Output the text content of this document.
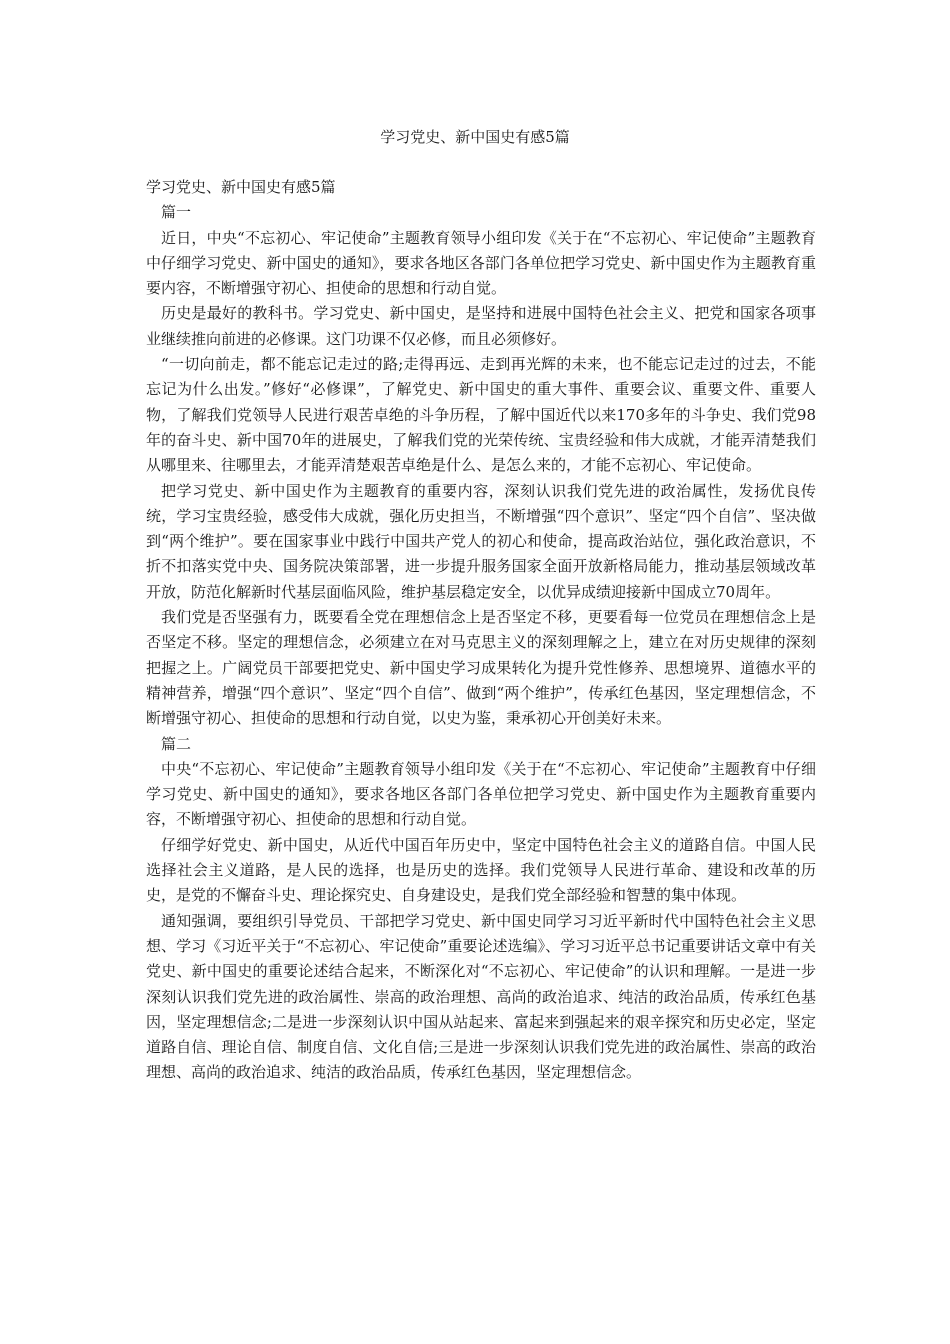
学习党史、新中国史有感5篇

学习党史、新中国史有感5篇

篇一

近日，中央“不忘初心、牢记使命”主题教育领导小组印发《关于在“不忘初心、牢记使命”主题教育中仔细学习党史、新中国史的通知》，要求各地区各部门各单位把学习党史、新中国史作为主题教育重要内容，不断增强守初心、担使命的思想和行动自觉。

历史是最好的教科书。学习党史、新中国史，是坚持和进展中国特色社会主义、把党和国家各项事业继续推向前进的必修课。这门功课不仅必修，而且必须修好。

“一切向前走，都不能忘记走过的路;走得再远、走到再光辉的未来，也不能忘记走过的过去，不能忘记为什么出发。”修好“必修课”，了解党史、新中国史的重大事件、重要会议、重要文件、重要人物，了解我们党领导人民进行艰苦卓绝的斗争历程，了解中国近代以来170多年的斗争史、我们党98年的奋斗史、新中国70年的进展史，了解我们党的光荣传统、宝贵经验和伟大成就，才能弄清楚我们从哪里来、往哪里去，才能弄清楚艰苦卓绝是什么、是怎么来的，才能不忘初心、牢记使命。

把学习党史、新中国史作为主题教育的重要内容，深刻认识我们党先进的政治属性，发扬优良传统，学习宝贵经验，感受伟大成就，强化历史担当，不断增强“四个意识”、坚定“四个自信”、坚决做到“两个维护”。要在国家事业中践行中国共产党人的初心和使命，提高政治站位，强化政治意识，不折不扣落实党中央、国务院决策部署，进一步提升服务国家全面开放新格局能力，推动基层领域改革开放，防范化解新时代基层面临风险，维护基层稳定安全，以优异成绩迎接新中国成立70周年。

我们党是否坚强有力，既要看全党在理想信念上是否坚定不移，更要看每一位党员在理想信念上是否坚定不移。坚定的理想信念，必须建立在对马克思主义的深刻理解之上，建立在对历史规律的深刻把握之上。广阔党员干部要把党史、新中国史学习成果转化为提升党性修养、思想境界、道德水平的精神营养，增强“四个意识”、坚定“四个自信”、做到“两个维护”，传承红色基因，坚定理想信念，不断增强守初心、担使命的思想和行动自觉，以史为鉴，秉承初心开创美好未来。

篇二

中央“不忘初心、牢记使命”主题教育领导小组印发《关于在“不忘初心、牢记使命”主题教育中仔细学习党史、新中国史的通知》，要求各地区各部门各单位把学习党史、新中国史作为主题教育重要内容，不断增强守初心、担使命的思想和行动自觉。

仔细学好党史、新中国史，从近代中国百年历史中，坚定中国特色社会主义的道路自信。中国人民选择社会主义道路，是人民的选择，也是历史的选择。我们党领导人民进行革命、建设和改革的历史，是党的不懈奋斗史、理论探究史、自身建设史，是我们党全部经验和智慧的集中体现。

通知强调，要组织引导党员、干部把学习党史、新中国史同学习习近平新时代中国特色社会主义思想、学习《习近平关于“不忘初心、牢记使命”重要论述选编》、学习习近平总书记重要讲话文章中有关党史、新中国史的重要论述结合起来，不断深化对“不忘初心、牢记使命”的认识和理解。一是进一步深刻认识我们党先进的政治属性、崇高的政治理想、高尚的政治追求、纯洁的政治品质，传承红色基因，坚定理想信念;二是进一步深刻认识中国从站起来、富起来到强起来的艰辛探究和历史必定，坚定道路自信、理论自信、制度自信、文化自信;三是进一步深刻认识我们党先进的政治属性、崇高的政治理想、高尚的政治追求、纯洁的政治品质，传承红色基因，坚定理想信念。
